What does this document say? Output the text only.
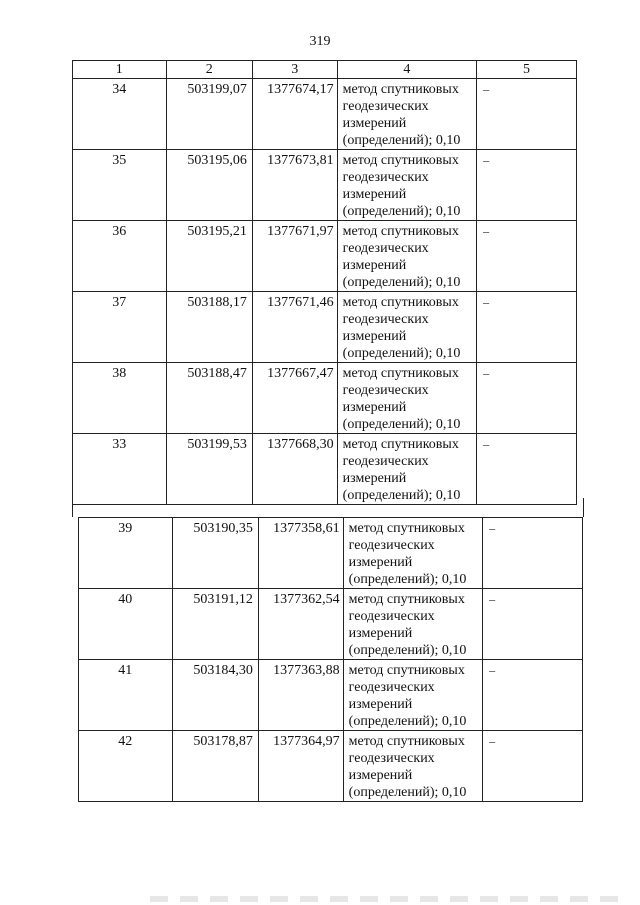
319
1	2	3	4	5
34	503199,07	1377674,17	метод спутниковых
геодезических
измерений
(определений); 0,10	–
35	503195,06	1377673,81	метод спутниковых
геодезических
измерений
(определений); 0,10	–
36	503195,21	1377671,97	метод спутниковых
геодезических
измерений
(определений); 0,10	–
37	503188,17	1377671,46	метод спутниковых
геодезических
измерений
(определений); 0,10	–
38	503188,47	1377667,47	метод спутниковых
геодезических
измерений
(определений); 0,10	–
33	503199,53	1377668,30	метод спутниковых
геодезических
измерений
(определений); 0,10	–
39	503190,35	1377358,61	метод спутниковых
геодезических
измерений
(определений); 0,10	–
40	503191,12	1377362,54	метод спутниковых
геодезических
измерений
(определений); 0,10	–
41	503184,30	1377363,88	метод спутниковых
геодезических
измерений
(определений); 0,10	–
42	503178,87	1377364,97	метод спутниковых
геодезических
измерений
(определений); 0,10	–
